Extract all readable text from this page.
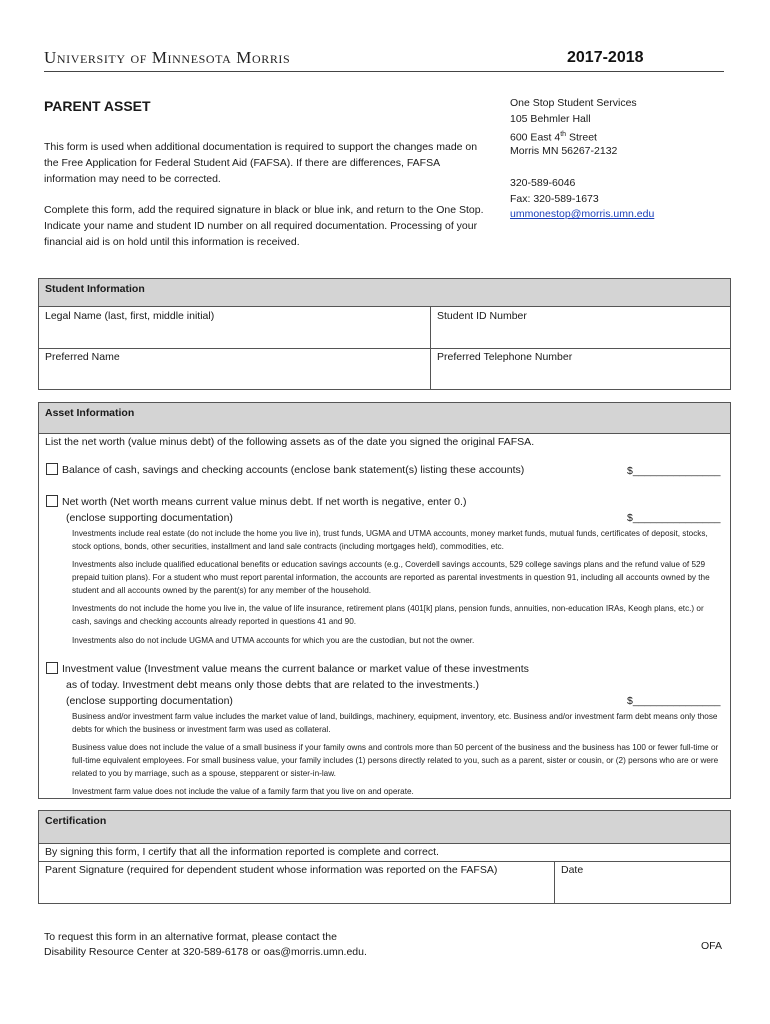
University of Minnesota Morris	2017-2018
PARENT ASSET
This form is used when additional documentation is required to support the changes made on the Free Application for Federal Student Aid (FAFSA). If there are differences, FAFSA information may need to be corrected.
Complete this form, add the required signature in black or blue ink, and return to the One Stop. Indicate your name and student ID number on all required documentation. Processing of your financial aid is on hold until this information is received.
One Stop Student Services
105 Behmler Hall
600 East 4th Street
Morris MN 56267-2132
320-589-6046
Fax: 320-589-1673
ummonestop@morris.umn.edu
Student Information
Legal Name (last, first, middle initial)	Student ID Number
Preferred Name	Preferred Telephone Number
Asset Information
List the net worth (value minus debt) of the following assets as of the date you signed the original FAFSA.
Balance of cash, savings and checking accounts (enclose bank statement(s) listing these accounts)	$_______________
Net worth (Net worth means current value minus debt. If net worth is negative, enter 0.)
(enclose supporting documentation)	$_______________
Investments include real estate (do not include the home you live in), trust funds, UGMA and UTMA accounts, money market funds, mutual funds, certificates of deposit, stocks, stock options, bonds, other securities, installment and land sale contracts (including mortgages held), commodities, etc.
Investments also include qualified educational benefits or education savings accounts (e.g., Coverdell savings accounts, 529 college savings plans and the refund value of 529 prepaid tuition plans). For a student who must report parental information, the accounts are reported as parental investments in question 91, including all accounts owned by the student and all accounts owned by the parent(s) for any member of the household.
Investments do not include the home you live in, the value of life insurance, retirement plans (401[k] plans, pension funds, annuities, non-education IRAs, Keogh plans, etc.) or cash, savings and checking accounts already reported in questions 41 and 90.
Investments also do not include UGMA and UTMA accounts for which you are the custodian, but not the owner.
Investment value (Investment value means the current balance or market value of these investments
as of today. Investment debt means only those debts that are related to the investments.)
(enclose supporting documentation)	$_______________
Business and/or investment farm value includes the market value of land, buildings, machinery, equipment, inventory, etc. Business and/or investment farm debt means only those debts for which the business or investment farm was used as collateral.
Business value does not include the value of a small business if your family owns and controls more than 50 percent of the business and the business has 100 or fewer full-time or full-time equivalent employees. For small business value, your family includes (1) persons directly related to you, such as a parent, sister or cousin, or (2) persons who are or were related to you by marriage, such as a spouse, stepparent or sister-in-law.
Investment farm value does not include the value of a family farm that you live on and operate.
Certification
By signing this form, I certify that all the information reported is complete and correct.
Parent Signature (required for dependent student whose information was reported on the FAFSA)	Date
To request this form in an alternative format, please contact the
Disability Resource Center at 320-589-6178 or oas@morris.umn.edu.	OFA
